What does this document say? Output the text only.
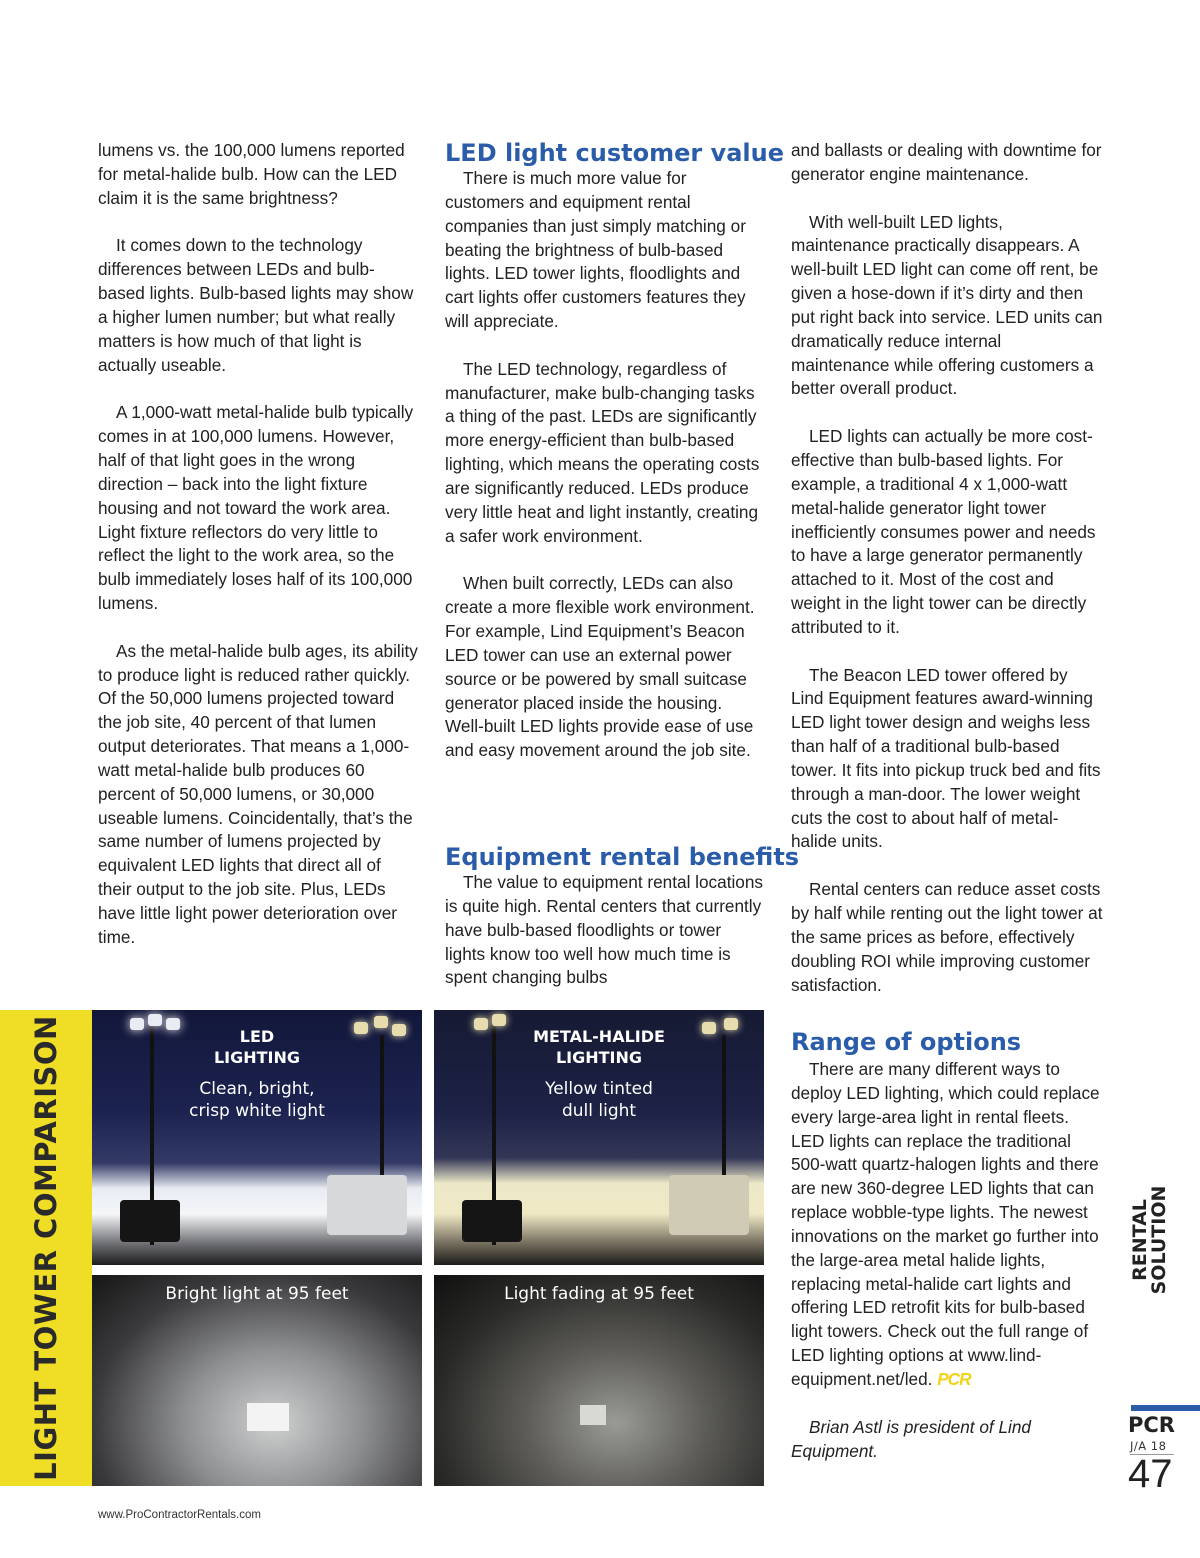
lumens vs. the 100,000 lumens reported for metal-halide bulb. How can the LED claim it is the same brightness?

It comes down to the technology differences between LEDs and bulb-based lights. Bulb-based lights may show a higher lumen number; but what really matters is how much of that light is actually useable.

A 1,000-watt metal-halide bulb typically comes in at 100,000 lumens. However, half of that light goes in the wrong direction – back into the light fixture housing and not toward the work area. Light fixture reflectors do very little to reflect the light to the work area, so the bulb immediately loses half of its 100,000 lumens.

As the metal-halide bulb ages, its ability to produce light is reduced rather quickly. Of the 50,000 lumens projected toward the job site, 40 percent of that lumen output deteriorates. That means a 1,000-watt metal-halide bulb produces 60 percent of 50,000 lumens, or 30,000 useable lumens. Coincidentally, that’s the same number of lumens projected by equivalent LED lights that direct all of their output to the job site. Plus, LEDs have little light power deterioration over time.

LED light customer value

There is much more value for customers and equipment rental companies than just simply matching or beating the brightness of bulb-based lights. LED tower lights, floodlights and cart lights offer customers features they will appreciate.

The LED technology, regardless of manufacturer, make bulb-changing tasks a thing of the past. LEDs are significantly more energy-efficient than bulb-based lighting, which means the operating costs are significantly reduced. LEDs produce very little heat and light instantly, creating a safer work environment.

When built correctly, LEDs can also create a more flexible work environment. For example, Lind Equipment’s Beacon LED tower can use an external power source or be powered by small suitcase generator placed inside the housing. Well-built LED lights provide ease of use and easy movement around the job site.

Equipment rental benefits

The value to equipment rental locations is quite high. Rental centers that currently have bulb-based floodlights or tower lights know too well how much time is spent changing bulbs

and ballasts or dealing with downtime for generator engine maintenance.

With well-built LED lights, maintenance practically disappears. A well-built LED light can come off rent, be given a hose-down if it’s dirty and then put right back into service. LED units can dramatically reduce internal maintenance while offering customers a better overall product.

LED lights can actually be more cost-effective than bulb-based lights. For example, a traditional 4 x 1,000-watt metal-halide generator light tower inefficiently consumes power and needs to have a large generator permanently attached to it. Most of the cost and weight in the light tower can be directly attributed to it.

The Beacon LED tower offered by Lind Equipment features award-winning LED light tower design and weighs less than half of a traditional bulb-based tower. It fits into pickup truck bed and fits through a man-door. The lower weight cuts the cost to about half of metal-halide units.

Rental centers can reduce asset costs by half while renting out the light tower at the same prices as before, effectively doubling ROI while improving customer satisfaction.

Range of options

There are many different ways to deploy LED lighting, which could replace every large-area light in rental fleets. LED lights can replace the traditional 500-watt quartz-halogen lights and there are new 360-degree LED lights that can replace wobble-type lights. The newest innovations on the market go further into the large-area metal halide lights, replacing metal-halide cart lights and offering LED retrofit kits for bulb-based light towers. Check out the full range of LED lighting options at www.lind-equipment.net/led. PCR

Brian Astl is president of Lind Equipment.

LIGHT TOWER COMPARISON	LED
LIGHTING
Clean, bright,
crisp white light
METAL-HALIDE
LIGHTING
Yellow tinted
dull light
Bright light at 95 feet	Light fading at 95 feet
www.ProContractorRentals.com
RENTAL
SOLUTION
PCR
J/A 18
47
